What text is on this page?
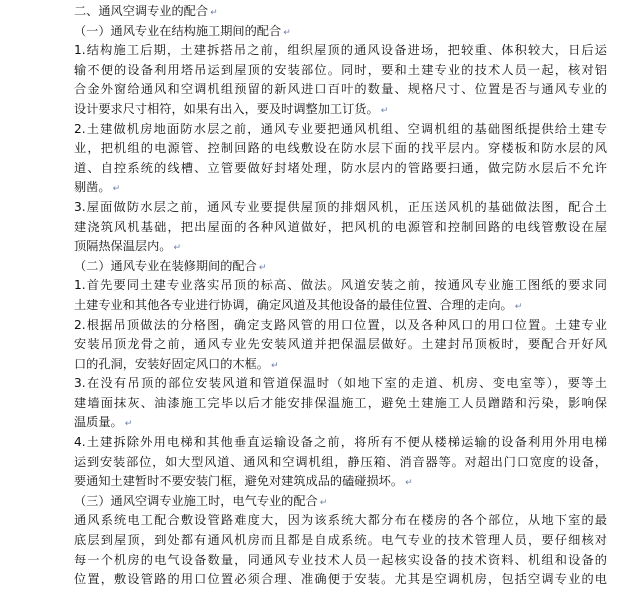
二、通风空调专业的配合 ↵
（一）通风专业在结构施工期间的配合 ↵
1.结构施工后期，土建拆搭吊之前，组织屋顶的通风设备进场，把较重、体积较大，日后运
输不便的设备利用塔吊运到屋顶的安装部位。同时，要和土建专业的技术人员一起，核对铝
合金外窗给通风和空调机组预留的新风进口百叶的数量、规格尺寸、位置是否与通风专业的
设计要求尺寸相符，如果有出入，要及时调整加工订货。 ↵
2.土建做机房地面防水层之前，通风专业要把通风机组、空调机组的基础图纸提供给土建专
业，把机组的电源管、控制回路的电线敷设在防水层下面的找平层内。穿楼板和防水层的风
道、自控系统的线槽、立管要做好封堵处理，防水层内的管路要扫通，做完防水层后不允许
剔凿。 ↵
3.屋面做防水层之前，通风专业要提供屋顶的排烟风机，正压送风机的基础做法图，配合土
建浇筑风机基础，把出屋面的各种风道做好，把风机的电源管和控制回路的电线管敷设在屋
顶隔热保温层内。 ↵
（二）通风专业在装修期间的配合 ↵
1.首先要同土建专业落实吊顶的标高、做法。风道安装之前，按通风专业施工图纸的要求同
土建专业和其他各专业进行协调，确定风道及其他设备的最佳位置、合理的走向。 ↵
2.根据吊顶做法的分格图，确定支路风管的用口位置，以及各种风口的用口位置。土建专业
安装吊顶龙骨之前，通风专业先安装风道并把保温层做好。土建封吊顶板时，要配合开好风
口的孔洞，安装好固定风口的木框。 ↵
3.在没有吊顶的部位安装风道和管道保温时（如地下室的走道、机房、变电室等），要等土
建墙面抹灰、油漆施工完毕以后才能安排保温施工，避免土建施工人员蹭踏和污染，影响保
温质量。 ↵
4.土建拆除外用电梯和其他垂直运输设备之前，将所有不便从楼梯运输的设备利用外用电梯
运到安装部位，如大型风道、通风和空调机组，静压箱、消音器等。对超出门口宽度的设备，
要通知土建暂时不要安装门框，避免对建筑成品的磕碰损坏。 ↵
（三）通风空调专业施工时，电气专业的配合 ↵
通风系统电工配合敷设管路难度大，因为该系统大都分布在楼房的各个部位，从地下室的最
底层到屋顶，到处都有通风机房而且都是自成系统。电气专业的技术管理人员，要仔细核对
每一个机房的电气设备数量，同通风专业技术人员一起核实设备的技术资料、机组和设备的
位置，敷设管路的用口位置必须合理、准确便于安装。尤其是空调机房，包括空调专业的电
